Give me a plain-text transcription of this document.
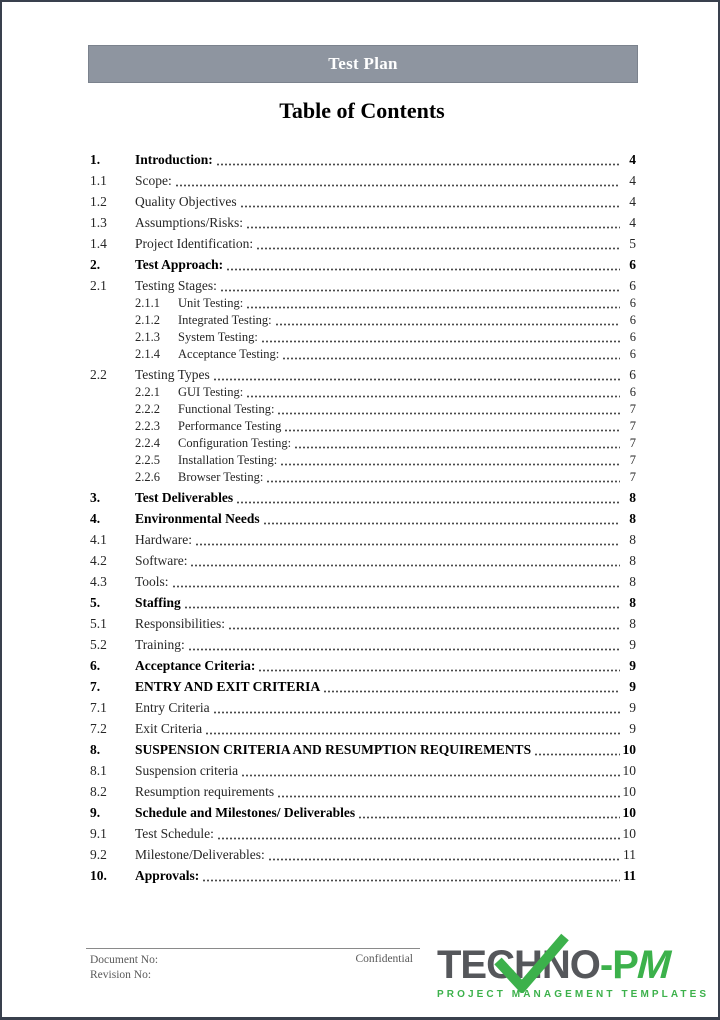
Test Plan
Table of Contents
1.	Introduction:	4
1.1	Scope:	4
1.2	Quality Objectives	4
1.3	Assumptions/Risks:	4
1.4	Project Identification:	5
2.	Test Approach:	6
2.1	Testing Stages:	6
2.1.1	Unit Testing:	6
2.1.2	Integrated Testing:	6
2.1.3	System Testing:	6
2.1.4	Acceptance Testing:	6
2.2	Testing Types	6
2.2.1	GUI Testing:	6
2.2.2	Functional Testing:	7
2.2.3	Performance Testing	7
2.2.4	Configuration Testing:	7
2.2.5	Installation Testing:	7
2.2.6	Browser Testing:	7
3.	Test Deliverables	8
4.	Environmental Needs	8
4.1	Hardware:	8
4.2	Software:	8
4.3	Tools:	8
5.	Staffing	8
5.1	Responsibilities:	8
5.2	Training:	9
6.	Acceptance Criteria:	9
7.	ENTRY AND EXIT CRITERIA	9
7.1	Entry Criteria	9
7.2	Exit Criteria	9
8.	SUSPENSION CRITERIA AND RESUMPTION REQUIREMENTS	10
8.1	Suspension criteria	10
8.2	Resumption requirements	10
9.	Schedule and Milestones/ Deliverables	10
9.1	Test Schedule:	10
9.2	Milestone/Deliverables:	11
10.	Approvals:	11
Document No:
Revision No:
Confidential TECHNO-PM
PROJECT MANAGEMENT TEMPLATES
